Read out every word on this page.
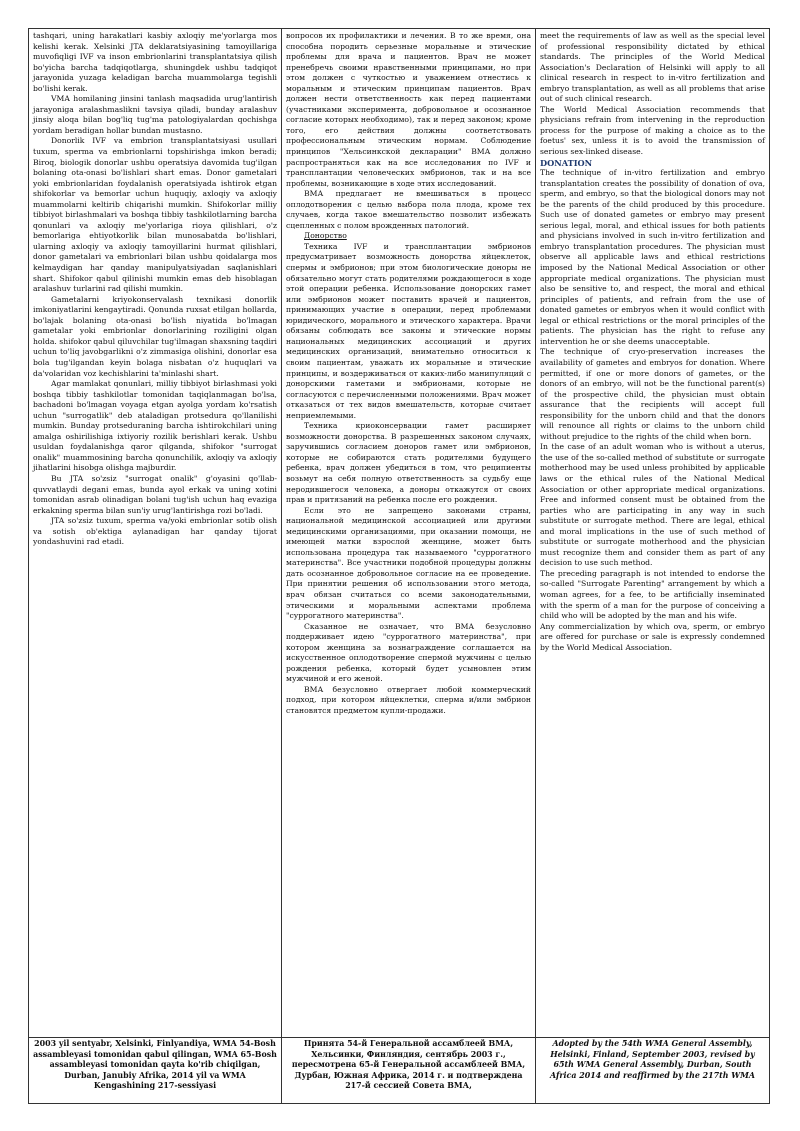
tashqari, uning harakatlari kasbiy axloqiy me'yorlarga mos kelishi kerak. Xelsinki JTA deklaratsiyasining tamoyillariga muvofiqligi IVF va inson embrionlarini transplantatsiya qilish bo'yicha barcha tadqiqotlarga, shuningdek ushbu tadqiqot jarayonida yuzaga keladigan barcha muammolarga tegishli bo'lishi kerak.

VMA homilaning jinsini tanlash maqsadida urug'lantirish jarayoniga aralashmaslikni tavsiya qiladi, bunday aralashuv jinsiy aloqa bilan bog'liq tug'ma patologiyalardan qochishga yordam beradigan hollar bundan mustasno.

Donorlik IVF va embrion transplantatsiyasi usullari tuxum, sperma va embrionlarni topshirishga imkon beradi; Biroq, biologik donorlar ushbu operatsiya davomida tug'ilgan bolaning ota-onasi bo'lishlari shart emas. Donor gametalari yoki embrionlaridan foydalanish operatsiyada ishtirok etgan shifokorlar va bemorlar uchun huquqiy, axloqiy va axloqiy muammolarni keltirib chiqarishi mumkin. Shifokorlar milliy tibbiyot birlashmalari va boshqa tibbiy tashkilotlarning barcha qonunlari va axloqiy me'yorlariga rioya qilishlari, o'z bemorlariga ehtiyotkorlik bilan munosabatda bo'lishlari, ularning axloqiy va axloqiy tamoyillarini hurmat qilishlari, donor gametalari va embrionlari bilan ushbu qoidalarga mos kelmaydigan har qanday manipulyatsiyadan saqlanishlari shart. Shifokor qabul qilinishi mumkin emas deb hisoblagan aralashuv turlarini rad qilishi mumkin.

Gametalarni kriyokonservalash texnikasi donorlik imkoniyatlarini kengaytiradi. Qonunda ruxsat etilgan hollarda, bo'lajak bolaning ota-onasi bo'lish niyatida bo'lmagan gametalar yoki embrionlar donorlarining roziligini olgan holda. shifokor qabul qiluvchilar tug'ilmagan shaxsning taqdiri uchun to'liq javobgarlikni o'z zimmasiga olishini, donorlar esa bola tug'ilgandan keyin bolaga nisbatan o'z huquqlari va da'volaridan voz kechishlarini ta'minlashi shart.

Agar mamlakat qonunlari, milliy tibbiyot birlashmasi yoki boshqa tibbiy tashkilotlar tomonidan taqiqlanmagan bo'lsa, bachadoni bo'lmagan voyaga etgan ayolga yordam ko'rsatish uchun "surrogatlik" deb ataladigan protsedura qo'llanilishi mumkin. Bunday protseduraning barcha ishtirokchilari uning amalga oshirilishiga ixtiyoriy rozilik berishlari kerak. Ushbu usuldan foydalanishga qaror qilganda, shifokor "surrogat onalik" muammosining barcha qonunchilik, axloqiy va axloqiy jihatlarini hisobga olishga majburdir.

Bu JTA so'zsiz "surrogat onalik" g'oyasini qo'llab-quvvatlaydi degani emas, bunda ayol erkak va uning xotini tomonidan asrab olinadigan bolani tug'ish uchun haq evaziga erkakning sperma bilan sun'iy urug'lantirishga rozi bo'ladi.

JTA so'zsiz tuxum, sperma va/yoki embrionlar sotib olish va sotish ob'ektiga aylanadigan har qanday tijorat yondashuvini rad etadi.

вопросов их профилактики и лечения. В то же время, она способна породить серьезные моральные и этические проблемы для врача и пациентов. Врач не может пренебречь своими нравственными принципами, но при этом должен с чуткостью и уважением отнестись к моральным и этическим принципам пациентов. Врач должен нести ответственность как перед пациентами (участниками эксперимента, добровольное и осознанное согласие которых необходимо), так и перед законом; кроме того, его действия должны соответствовать профессиональным этическим нормам. Соблюдение принципов "Хельсинкской декларации" ВМА должно распространяться как на все исследования по IVF и трансплантации человеческих эмбрионов, так и на все проблемы, возникающие в ходе этих исследований.

ВМА предлагает не вмешиваться в процесс оплодотворения с целью выбора пола плода, кроме тех случаев, когда такое вмешательство позволит избежать сцепленных с полом врожденных патологий.

Донорство

Техника IVF и трансплантации эмбрионов предусматривает возможность донорства яйцеклеток, спермы и эмбрионов; при этом биологические доноры не обязательно могут стать родителями рождающегося в ходе этой операции ребенка. Использование донорских гамет или эмбрионов может поставить врачей и пациентов, принимающих участие в операции, перед проблемами юридического, морального и этического характера. Врачи обязаны соблюдать все законы и этические нормы национальных медицинских ассоциаций и других медицинских организаций, внимательно относиться к своим пациентам, уважать их моральные и этические принципы, и воздерживаться от каких-либо манипуляций с донорскими гаметами и эмбрионами, которые не согласуются с перечисленными положениями. Врач может отказаться от тех видов вмешательств, которые считает неприемлемыми.

Техника криоконсервации гамет расширяет возможности донорства. В разрешенных законом случаях, заручившись согласием доноров гамет или эмбрионов, которые не собираются стать родителями будущего ребенка, врач должен убедиться в том, что реципиенты возьмут на себя полную ответственность за судьбу еще неродившегося человека, а доноры откажутся от своих прав и притязаний на ребенка после его рождения.

Если это не запрещено законами страны, национальной медицинской ассоциацией или другими медицинскими организациями, при оказании помощи, не имеющей матки взрослой женщине, может быть использована процедура так называемого "суррогатного материнства". Все участники подобной процедуры должны дать осознанное добровольное согласие на ее проведение. При принятии решения об использовании этого метода, врач обязан считаться со всеми законодательными, этическими и моральными аспектами проблема "суррогатного материнства".

Сказанное не означает, что ВМА безусловно поддерживает идею "суррогатного материнства", при котором женщина за вознаграждение соглашается на искусственное оплодотворение спермой мужчины с целью рождения ребенка, который будет усыновлен этим мужчиной и его женой.

ВМА безусловно отвергает любой коммерческий подход, при котором яйцеклетки, сперма и/или эмбрион становятся предметом купли-продажи.

meet the requirements of law as well as the special level of professional responsibility dictated by ethical standards. The principles of the World Medical Association's Declaration of Helsinki will apply to all clinical research in respect to in-vitro fertilization and embryo transplantation, as well as all problems that arise out of such clinical research.

The World Medical Association recommends that physicians refrain from intervening in the reproduction process for the purpose of making a choice as to the foetus' sex, unless it is to avoid the transmission of serious sex-linked disease.

DONATION

The technique of in-vitro fertilization and embryo transplantation creates the possibility of donation of ova, sperm, and embryo, so that the biological donors may not be the parents of the child produced by this procedure. Such use of donated gametes or embryo may present serious legal, moral, and ethical issues for both patients and physicians involved in such in-vitro fertilization and embryo transplantation procedures. The physician must observe all applicable laws and ethical restrictions imposed by the National Medical Association or other appropriate medical organizations. The physician must also be sensitive to, and respect, the moral and ethical principles of patients, and refrain from the use of donated gametes or embryos when it would conflict with legal or ethical restrictions or the moral principles of the patients. The physician has the right to refuse any intervention he or she deems unacceptable.

The technique of cryo-preservation increases the availability of gametes and embryos for donation. Where permitted, if one or more donors of gametes, or the donors of an embryo, will not be the functional parent(s) of the prospective child, the physician must obtain assurance that the recipients will accept full responsibility for the unborn child and that the donors will renounce all rights or claims to the unborn child without prejudice to the rights of the child when born.

In the case of an adult woman who is without a uterus, the use of the so-called method of substitute or surrogate motherhood may be used unless prohibited by applicable laws or the ethical rules of the National Medical Association or other appropriate medical organizations. Free and informed consent must be obtained from the parties who are participating in any way in such substitute or surrogate method. There are legal, ethical and moral implications in the use of such method of substitute or surrogate motherhood and the physician must recognize them and consider them as part of any decision to use such method.

The preceding paragraph is not intended to endorse the so-called "Surrogate Parenting" arrangement by which a woman agrees, for a fee, to be artificially inseminated with the sperm of a man for the purpose of conceiving a child who will be adopted by the man and his wife.

Any commercialization by which ova, sperm, or embryo are offered for purchase or sale is expressly condemned by the World Medical Association.

2003 yil sentyabr, Xelsinki, Finlyandiya, WMA 54-Bosh assambleyasi tomonidan qabul qilingan, WMA 65-Bosh assambleyasi tomonidan qayta ko'rib chiqilgan, Durban, Janubiy Afrika, 2014 yil va WMA Kengashining 217-sessiyasi
Принята 54-й Генеральной ассамблеей ВМА, Хельсинки, Финляндия, сентябрь 2003 г., пересмотрена 65-й Генеральной ассамблеей ВМА, Дурбан, Южная Африка, 2014 г. и подтверждена 217-й сессией Совета ВМА,
Adopted by the 54th WMA General Assembly, Helsinki, Finland, September 2003, revised by 65th WMA General Assembly, Durban, South Africa 2014 and reaffirmed by the 217th WMA
